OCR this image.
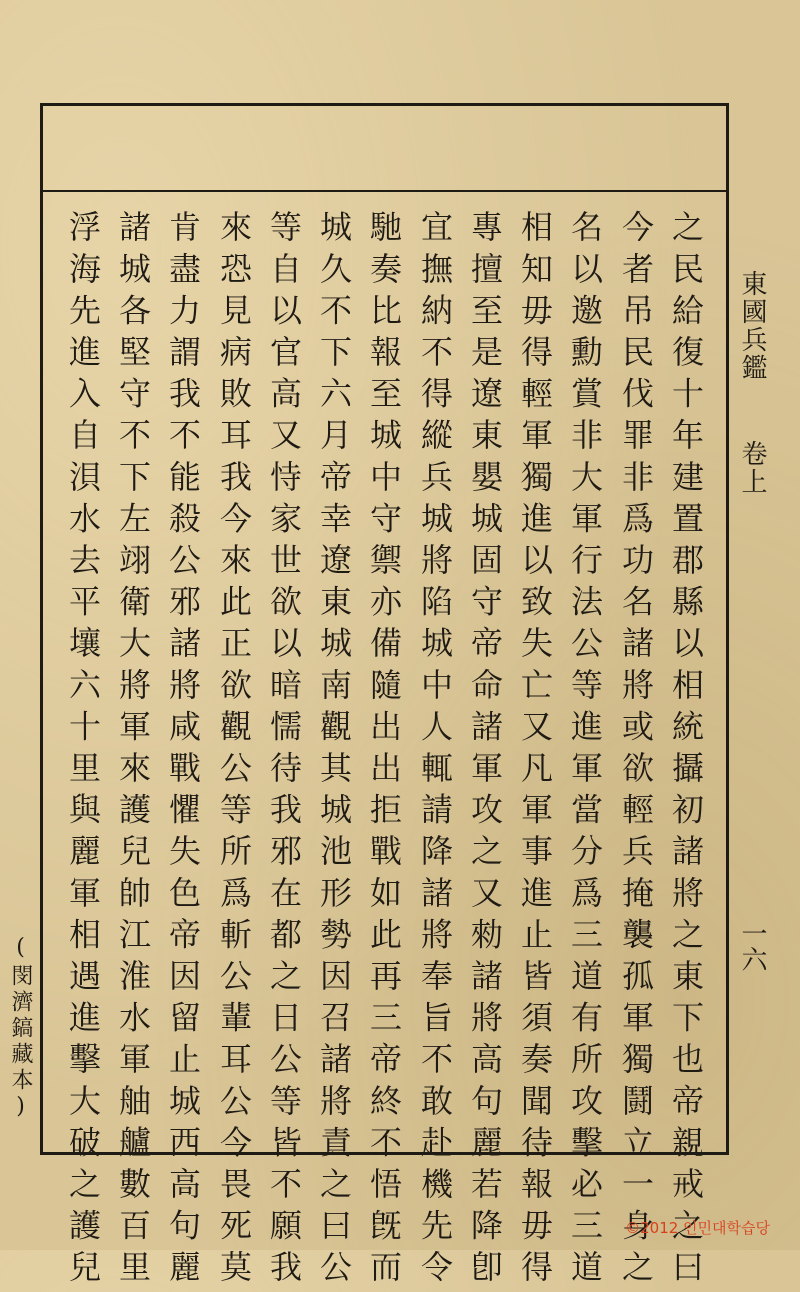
東國兵鑑
卷上
一六
之民給復十年建置郡縣以相統攝初諸將之東下也帝親戒之曰
今者吊民伐罪非爲功名諸將或欲輕兵掩襲孤軍獨鬪立一身之
名以邀勳賞非大軍行法公等進軍當分爲三道有所攻擊必三道
相知毋得輕軍獨進以致失亡又凡軍事進止皆須奏聞待報毋得
專擅至是遼東嬰城固守帝命諸軍攻之又勑諸將高句麗若降卽
宜撫納不得縱兵城將陷城中人輒請降諸將奉旨不敢赴機先令
馳奏比報至城中守禦亦備隨出出拒戰如此再三帝終不悟旣而
城久不下六月帝幸遼東城南觀其城池形勢因召諸將責之曰公
等自以官高又恃家世欲以暗懦待我邪在都之日公等皆不願我
來恐見病敗耳我今來此正欲觀公等所爲斬公輩耳公今畏死莫
肯盡力謂我不能殺公邪諸將咸戰懼失色帝因留止城西高句麗
諸城各堅守不下左翊衛大將軍來護兒帥江淮水軍舳艫數百里
浮海先進入自浿水去平壤六十里與麗軍相遇進擊大破之護兒
(閔濟鎬藏本)
©2012 인민대학습당
